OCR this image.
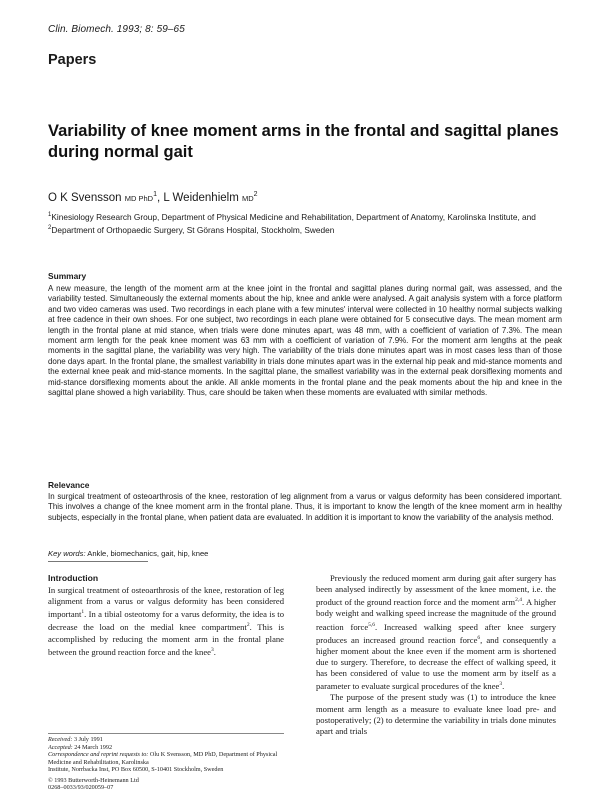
Clin. Biomech. 1993; 8: 59–65
Papers
Variability of knee moment arms in the frontal and sagittal planes during normal gait
O K Svensson MD PhD$^1$, L Weidenhielm $MD^2$
$^1$Kinesiology Research Group, Department of Physical Medicine and Rehabilitation, Department of Anatomy, Karolinska Institute, and $^2$Department of Orthopaedic Surgery, St Görans Hospital, Stockholm, Sweden
Summary
A new measure, the length of the moment arm at the knee joint in the frontal and sagittal planes during normal gait, was assessed, and the variability tested. Simultaneously the external moments about the hip, knee and ankle were analysed. A gait analysis system with a force platform and two video cameras was used. Two recordings in each plane with a few minutes' interval were collected in 10 healthy normal subjects walking at free cadence in their own shoes. For one subject, two recordings in each plane were obtained for 5 consecutive days. The mean moment arm length in the frontal plane at mid stance, when trials were done minutes apart, was 48 mm, with a coefficient of variation of 7.3%. The mean moment arm length for the peak knee moment was 63 mm with a coefficient of variation of 7.9%. For the moment arm lengths at the peak moments in the sagittal plane, the variability was very high. The variability of the trials done minutes apart was in most cases less than of those done days apart. In the frontal plane, the smallest variability in trials done minutes apart was in the external hip peak and mid-stance moments and the external knee peak and mid-stance moments. In the sagittal plane, the smallest variability was in the external peak dorsiflexing moments and mid-stance dorsiflexing moments about the ankle. All ankle moments in the frontal plane and the peak moments about the hip and knee in the sagittal plane showed a high variability. Thus, care should be taken when these moments are evaluated with similar methods.
Relevance
In surgical treatment of osteoarthrosis of the knee, restoration of leg alignment from a varus or valgus deformity has been considered important. This involves a change of the knee moment arm in the frontal plane. Thus, it is important to know the length of the knee moment arm in healthy subjects, especially in the frontal plane, when patient data are evaluated. In addition it is important to know the variability of the analysis method.
Key words: Ankle, biomechanics, gait, hip, knee
Introduction

In surgical treatment of osteoarthrosis of the knee, restoration of leg alignment from a varus or valgus deformity has been considered important$^1$. In a tibial osteotomy for a varus deformity, the idea is to decrease the load on the medial knee compartment$^2$. This is accomplished by reducing the moment arm in the frontal plane between the ground reaction force and the knee$^3$.

Previously the reduced moment arm during gait after surgery has been analysed indirectly by assessment of the knee moment, i.e. the product of the ground reaction force and the moment arm$^{2,4}$. A higher body weight and walking speed increase the magnitude of the ground reaction force$^{5,6}$. Increased walking speed after knee surgery produces an increased ground reaction force$^6$, and consequently a higher moment about the knee even if the moment arm is shortened due to surgery. Therefore, to decrease the effect of walking speed, it has been considered of value to use the moment arm by itself as a parameter to evaluate surgical procedures of the knee$^3$.

The purpose of the present study was (1) to introduce the knee moment arm length as a measure to evaluate knee load pre- and postoperatively; (2) to determine the variability in trials done minutes apart and trials

Received: 3 July 1991
Accepted: 24 March 1992
Correspondence and reprint requests to: Olu K Svensson, MD PhD, Department of Physical Medicine and Rehabilitation, Karolinska
Institute, Norrbacka Inst, PO Box 60500, S-10401 Stockholm, Sweden
© 1993 Butterworth-Heinemann Ltd
0268–0033/93/020059–07
